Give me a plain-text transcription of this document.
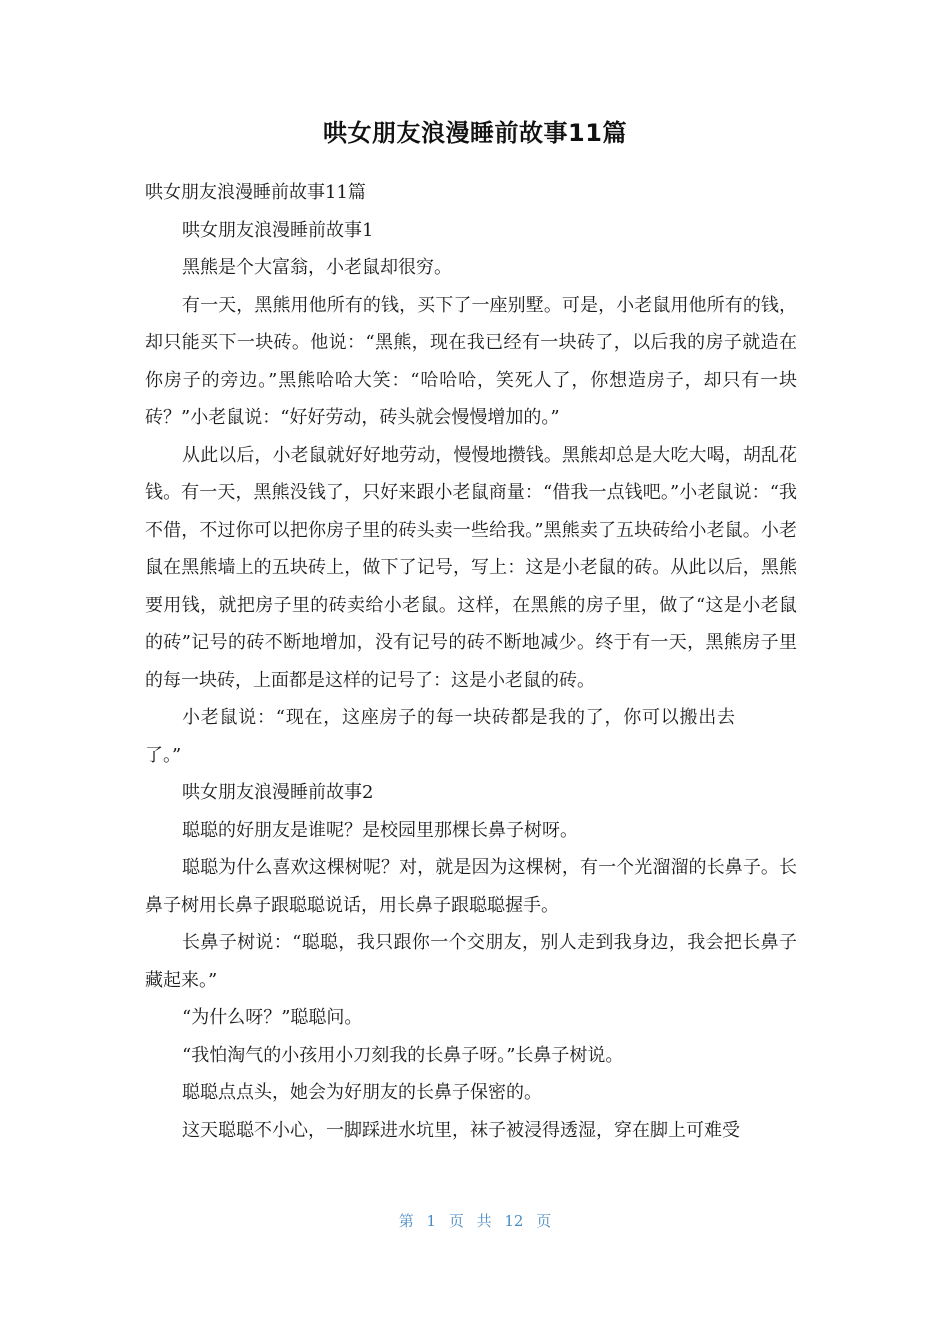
哄女朋友浪漫睡前故事11篇

哄女朋友浪漫睡前故事11篇

哄女朋友浪漫睡前故事1

黑熊是个大富翁，小老鼠却很穷。

有一天，黑熊用他所有的钱，买下了一座别墅。可是，小老鼠用他所有的钱，却只能买下一块砖。他说：“黑熊，现在我已经有一块砖了，以后我的房子就造在你房子的旁边。”黑熊哈哈大笑：“哈哈哈，笑死人了，你想造房子，却只有一块砖？”小老鼠说：“好好劳动，砖头就会慢慢增加的。”

从此以后，小老鼠就好好地劳动，慢慢地攒钱。黑熊却总是大吃大喝，胡乱花钱。有一天，黑熊没钱了，只好来跟小老鼠商量：“借我一点钱吧。”小老鼠说：“我不借，不过你可以把你房子里的砖头卖一些给我。”黑熊卖了五块砖给小老鼠。小老鼠在黑熊墙上的五块砖上，做下了记号，写上：这是小老鼠的砖。从此以后，黑熊要用钱，就把房子里的砖卖给小老鼠。这样，在黑熊的房子里，做了“这是小老鼠的砖”记号的砖不断地增加，没有记号的砖不断地减少。终于有一天，黑熊房子里的每一块砖，上面都是这样的记号了：这是小老鼠的砖。

小老鼠说：“现在，这座房子的每一块砖都是我的了，你可以搬出去了。”

哄女朋友浪漫睡前故事2

聪聪的好朋友是谁呢？是校园里那棵长鼻子树呀。

聪聪为什么喜欢这棵树呢？对，就是因为这棵树，有一个光溜溜的长鼻子。长鼻子树用长鼻子跟聪聪说话，用长鼻子跟聪聪握手。

长鼻子树说：“聪聪，我只跟你一个交朋友，别人走到我身边，我会把长鼻子藏起来。”

“为什么呀？”聪聪问。

“我怕淘气的小孩用小刀刻我的长鼻子呀。”长鼻子树说。

聪聪点点头，她会为好朋友的长鼻子保密的。

这天聪聪不小心，一脚踩进水坑里，袜子被浸得透湿，穿在脚上可难受

第 1 页 共 12 页
